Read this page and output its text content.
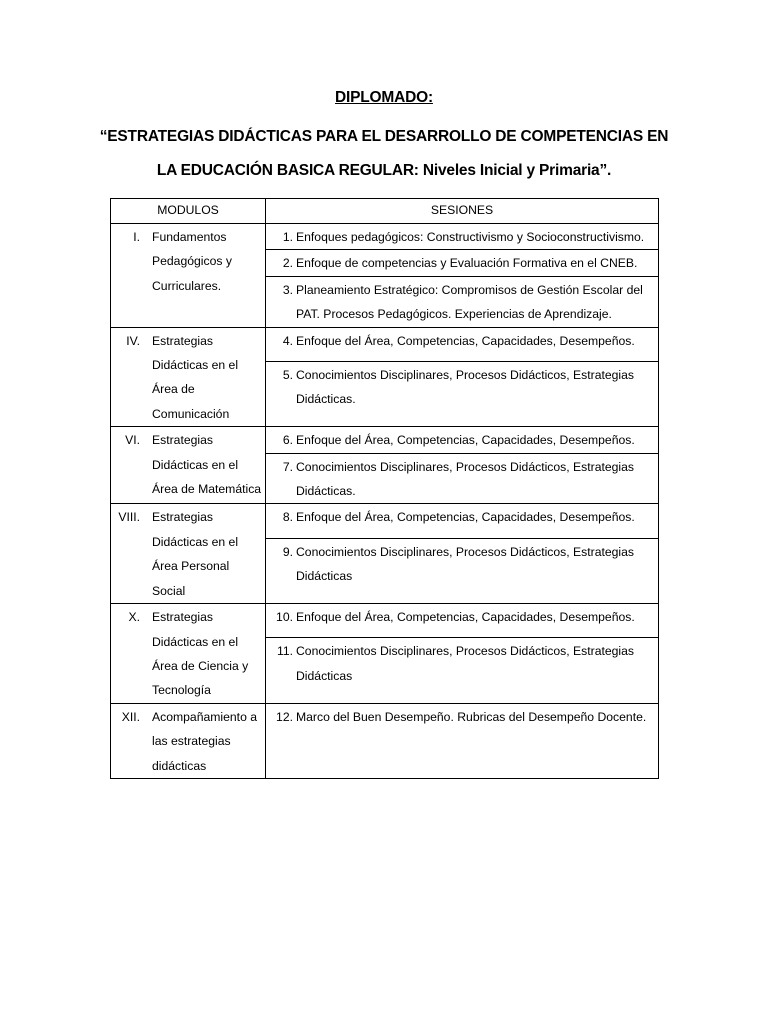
DIPLOMADO:
“ESTRATEGIAS DIDÁCTICAS PARA EL DESARROLLO DE COMPETENCIAS EN
LA EDUCACIÓN BASICA REGULAR: Niveles Inicial y Primaria”.
MODULOS	SESIONES

I. Fundamentos Pedagógicos y Curriculares.	1. Enfoques pedagógicos: Constructivismo y Socioconstructivismo.

	2. Enfoque de competencias y Evaluación Formativa en el CNEB.

	3. Planeamiento Estratégico: Compromisos de Gestión Escolar del PAT. Procesos Pedagógicos. Experiencias de Aprendizaje.

IV. Estrategias Didácticas en el Área de Comunicación	4. Enfoque del Área, Competencias, Capacidades, Desempeños.

	5. Conocimientos Disciplinares, Procesos Didácticos, Estrategias Didácticas.

VI. Estrategias Didácticas en el Área de Matemática	6. Enfoque del Área, Competencias, Capacidades, Desempeños.

	7. Conocimientos Disciplinares, Procesos Didácticos, Estrategias Didácticas.

VIII. Estrategias Didácticas en el Área Personal Social	8. Enfoque del Área, Competencias, Capacidades, Desempeños.

	9. Conocimientos Disciplinares, Procesos Didácticos, Estrategias Didácticas

X. Estrategias Didácticas en el Área de Ciencia y Tecnología	10. Enfoque del Área, Competencias, Capacidades, Desempeños.

	11. Conocimientos Disciplinares, Procesos Didácticos, Estrategias Didácticas

XII. Acompañamiento a las estrategias didácticas	12. Marco del Buen Desempeño. Rubricas del Desempeño Docente.
